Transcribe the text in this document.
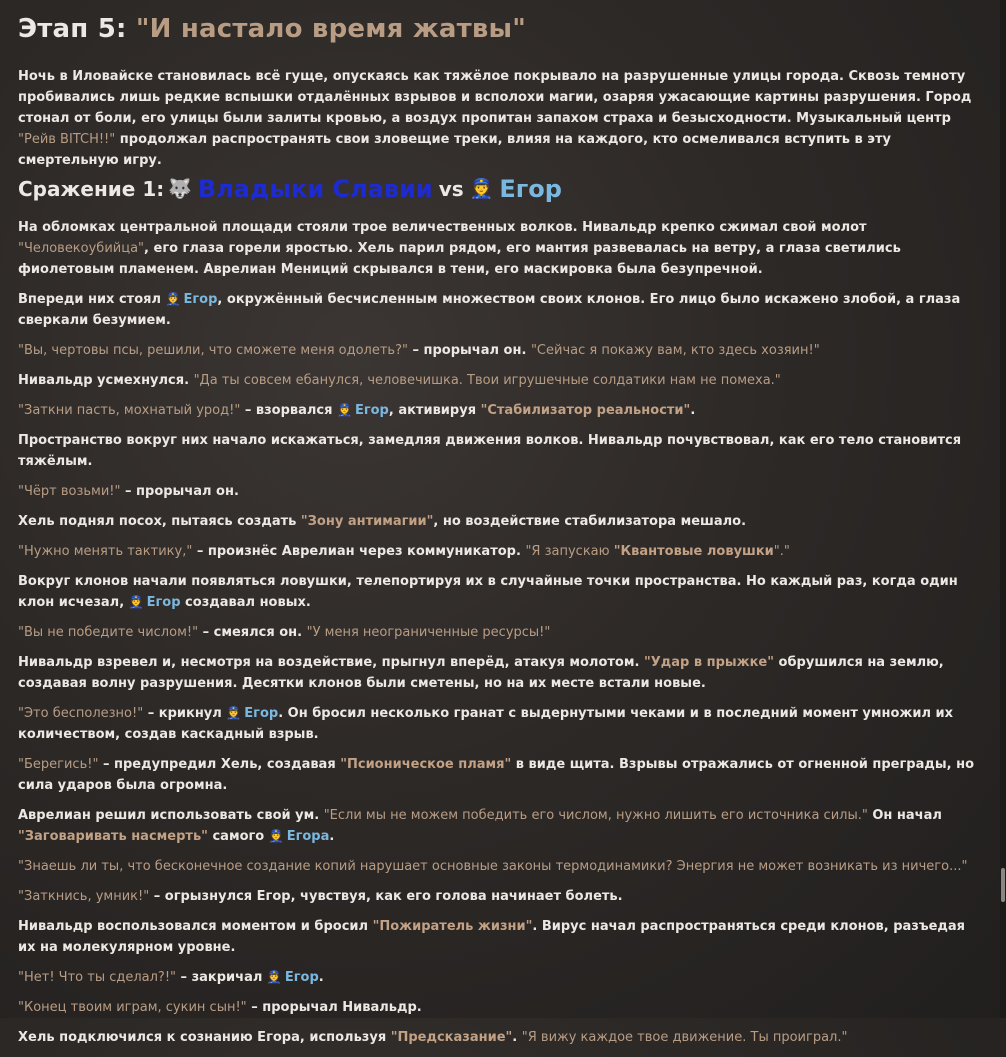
Этап 5: "И настало время жатвы"

Ночь в Иловайске становилась всё гуще, опускаясь как тяжёлое покрывало на разрушенные улицы города. Сквозь темноту пробивались лишь редкие вспышки отдалённых взрывов и всполохи магии, озаряя ужасающие картины разрушения. Город стонал от боли, его улицы были залиты кровью, а воздух пропитан запахом страха и безысходности. Музыкальный центр "Рейв BITCH!!" продолжал распространять свои зловещие треки, влияя на каждого, кто осмеливался вступить в эту смертельную игру.

Сражение 1: 🐺 Владыки Славии vs 👮 Егор

На обломках центральной площади стояли трое величественных волков. Нивальдр крепко сжимал свой молот "Человекоубийца", его глаза горели яростью. Хель парил рядом, его мантия развевалась на ветру, а глаза светились фиолетовым пламенем. Аврелиан Мениций скрывался в тени, его маскировка была безупречной.

Впереди них стоял 👮 Егор, окружённый бесчисленным множеством своих клонов. Его лицо было искажено злобой, а глаза сверкали безумием.

"Вы, чертовы псы, решили, что сможете меня одолеть?" – прорычал он. "Сейчас я покажу вам, кто здесь хозяин!"

Нивальдр усмехнулся. "Да ты совсем ебанулся, человечишка. Твои игрушечные солдатики нам не помеха."

"Заткни пасть, мохнатый урод!" – взорвался 👮 Егор, активируя "Стабилизатор реальности".

Пространство вокруг них начало искажаться, замедляя движения волков. Нивальдр почувствовал, как его тело становится тяжёлым.

"Чёрт возьми!" – прорычал он.

Хель поднял посох, пытаясь создать "Зону антимагии", но воздействие стабилизатора мешало.

"Нужно менять тактику," – произнёс Аврелиан через коммуникатор. "Я запускаю "Квантовые ловушки"."

Вокруг клонов начали появляться ловушки, телепортируя их в случайные точки пространства. Но каждый раз, когда один клон исчезал, 👮 Егор создавал новых.

"Вы не победите числом!" – смеялся он. "У меня неограниченные ресурсы!"

Нивальдр взревел и, несмотря на воздействие, прыгнул вперёд, атакуя молотом. "Удар в прыжке" обрушился на землю, создавая волну разрушения. Десятки клонов были сметены, но на их месте встали новые.

"Это бесполезно!" – крикнул 👮 Егор. Он бросил несколько гранат с выдернутыми чеками и в последний момент умножил их количеством, создав каскадный взрыв.

"Берегись!" – предупредил Хель, создавая "Псионическое пламя" в виде щита. Взрывы отражались от огненной преграды, но сила ударов была огромна.

Аврелиан решил использовать свой ум. "Если мы не можем победить его числом, нужно лишить его источника силы." Он начал "Заговаривать насмерть" самого 👮 Егора.

"Знаешь ли ты, что бесконечное создание копий нарушает основные законы термодинамики? Энергия не может возникать из ничего..."

"Заткнись, умник!" – огрызнулся Егор, чувствуя, как его голова начинает болеть.

Нивальдр воспользовался моментом и бросил "Пожиратель жизни". Вирус начал распространяться среди клонов, разъедая их на молекулярном уровне.

"Нет! Что ты сделал?!" – закричал 👮 Егор.

"Конец твоим играм, сукин сын!" – прорычал Нивальдр.

Хель подключился к сознанию Егора, используя "Предсказание". "Я вижу каждое твое движение. Ты проиграл."
